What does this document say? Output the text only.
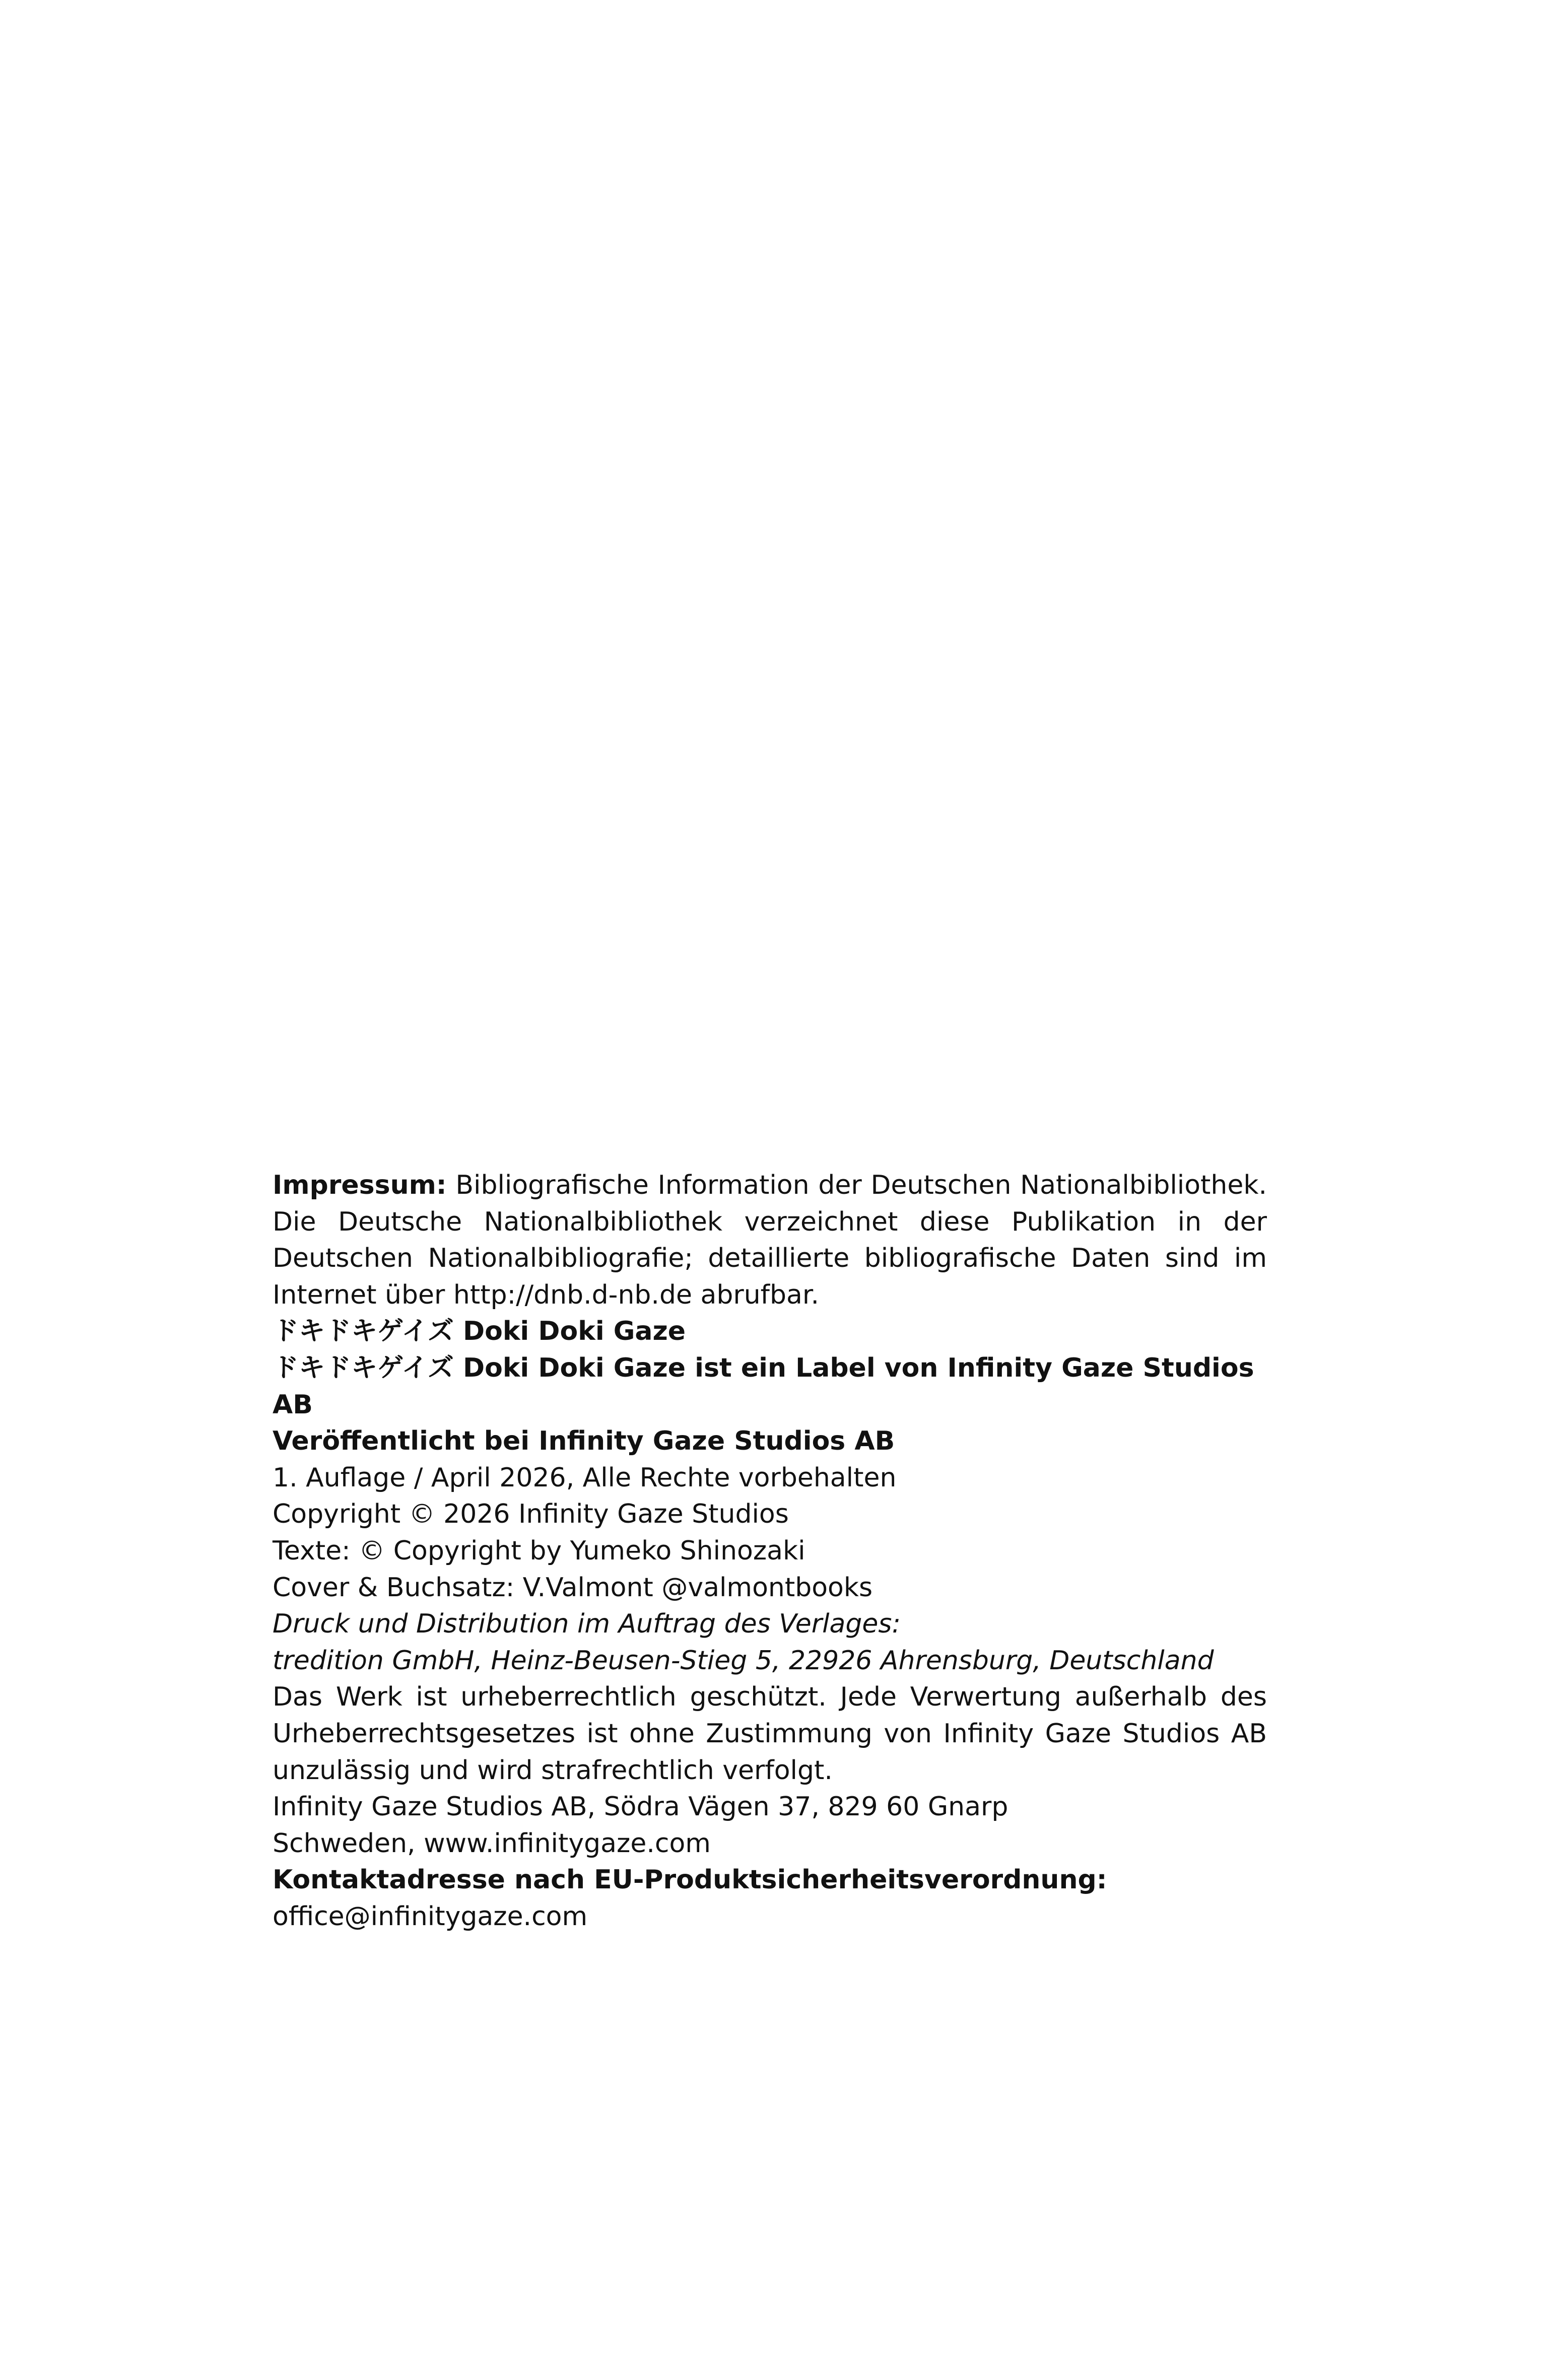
Impressum: Bibliografische Information der Deutschen Nationalbibliothek. Die Deutsche Nationalbibliothek verzeichnet diese Publikation in der Deutschen Nationalbibliografie; detaillierte bibliografische Daten sind im Internet über http://dnb.d-nb.de abrufbar.

ドキドキゲイズ Doki Doki Gaze

ドキドキゲイズ Doki Doki Gaze ist ein Label von Infinity Gaze Studios AB

Veröffentlicht bei Infinity Gaze Studios AB

1. Auflage / April 2026, Alle Rechte vorbehalten

Copyright © 2026 Infinity Gaze Studios

Texte: © Copyright by Yumeko Shinozaki

Cover & Buchsatz: V.Valmont @valmontbooks

Druck und Distribution im Auftrag des Verlages:

tredition GmbH, Heinz-Beusen-Stieg 5, 22926 Ahrensburg, Deutschland

Das Werk ist urheberrechtlich geschützt. Jede Verwertung außerhalb des Urheberrechtsgesetzes ist ohne Zustimmung von Infinity Gaze Studios AB unzulässig und wird strafrechtlich verfolgt.

Infinity Gaze Studios AB, Södra Vägen 37, 829 60 Gnarp

Schweden, www.infinitygaze.com

Kontaktadresse nach EU-Produktsicherheitsverordnung:

office@infinitygaze.com
